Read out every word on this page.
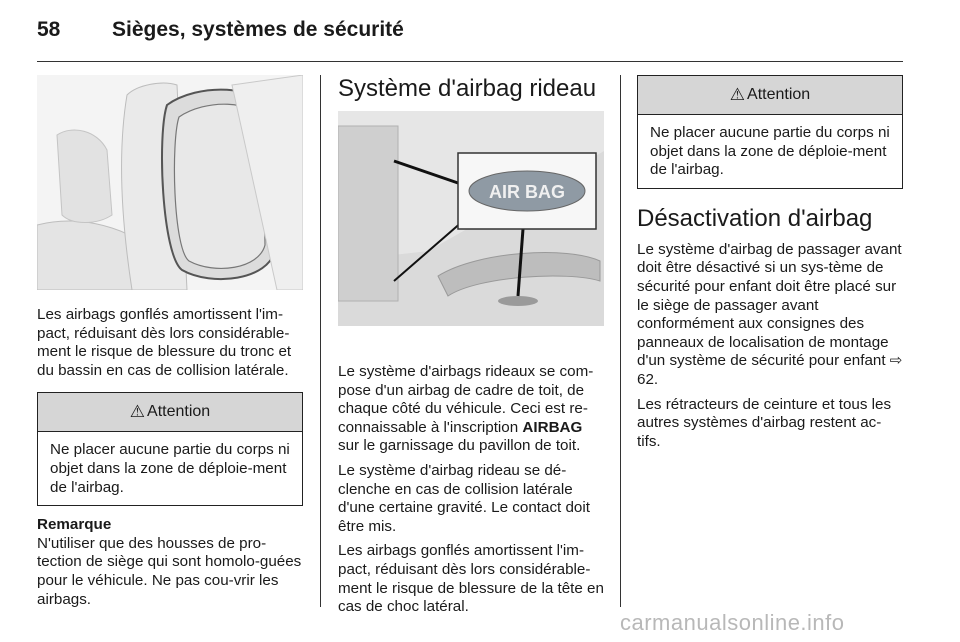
58 Sièges, systèmes de sécurité

Les airbags gonflés amortissent l'im-pact, réduisant dès lors considérable-ment le risque de blessure du tronc et du bassin en cas de collision latérale.

⚠ Attention
Ne placer aucune partie du corps ni objet dans la zone de déploie-ment de l'airbag.
Remarque

N'utiliser que des housses de pro-tection de siège qui sont homolo-guées pour le véhicule. Ne pas cou-vrir les airbags.

Système d'airbag rideau
AIR BAG

Le système d'airbags rideaux se com-pose d'un airbag de cadre de toit, de chaque côté du véhicule. Ceci est re-connaissable à l'inscription AIRBAG sur le garnissage du pavillon de toit.

Le système d'airbag rideau se dé-clenche en cas de collision latérale d'une certaine gravité. Le contact doit être mis.

Les airbags gonflés amortissent l'im-pact, réduisant dès lors considérable-ment le risque de blessure de la tête en cas de choc latéral.

⚠ Attention
Ne placer aucune partie du corps ni objet dans la zone de déploie-ment de l'airbag.
Désactivation d'airbag

Le système d'airbag de passager avant doit être désactivé si un sys-tème de sécurité pour enfant doit être placé sur le siège de passager avant conformément aux consignes des panneaux de localisation de montage d'un système de sécurité pour enfant ⇨ 62.

Les rétracteurs de ceinture et tous les autres systèmes d'airbag restent ac-tifs.

carmanualsonline.info
